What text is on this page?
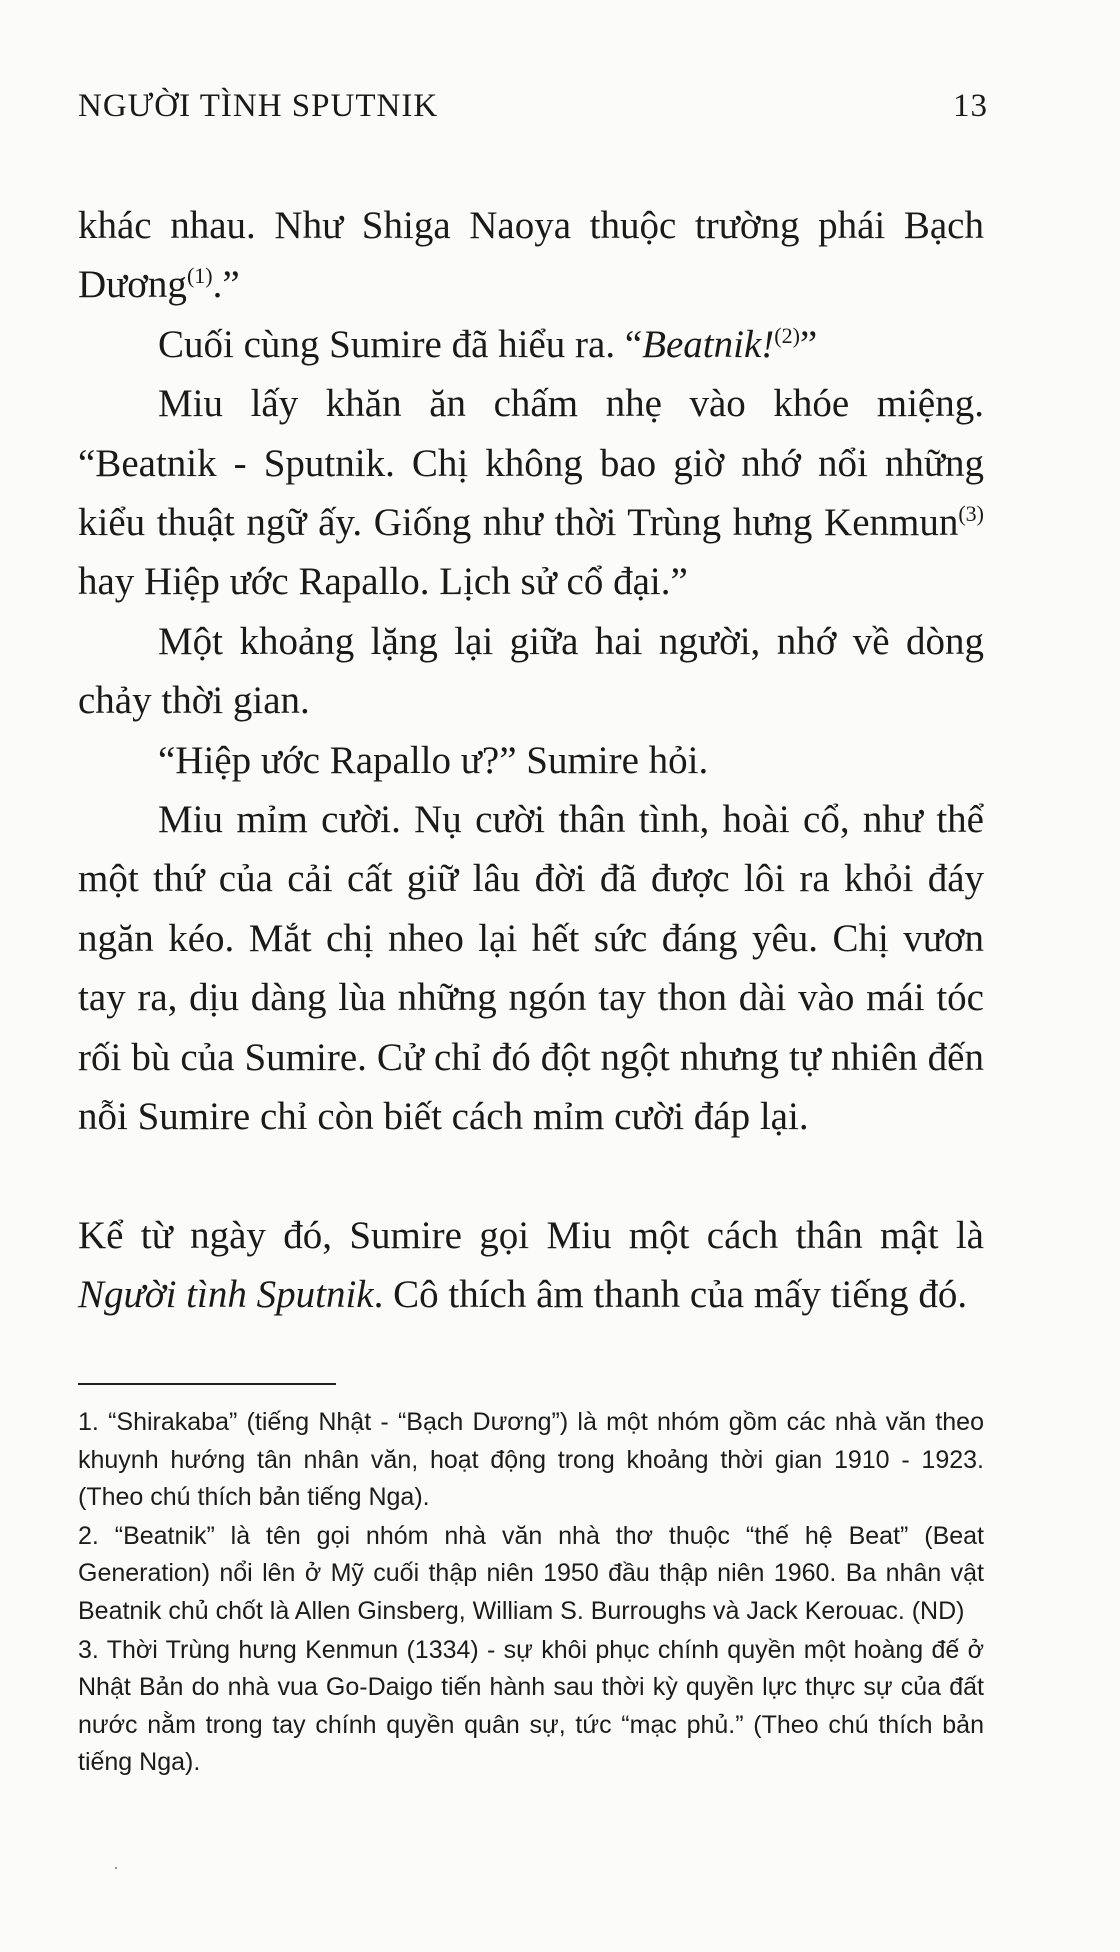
NGƯỜI TÌNH SPUTNIK	13

khác nhau. Như Shiga Naoya thuộc trường phái Bạch Dương$^{(1)}$.”

Cuối cùng Sumire đã hiểu ra. “Beatnik!$^{(2)}$”

Miu lấy khăn ăn chấm nhẹ vào khóe miệng. “Beatnik - Sputnik. Chị không bao giờ nhớ nổi những kiểu thuật ngữ ấy. Giống như thời Trùng hưng Kenmun$^{(3)}$ hay Hiệp ước Rapallo. Lịch sử cổ đại.”

Một khoảng lặng lại giữa hai người, nhớ về dòng chảy thời gian.

“Hiệp ước Rapallo ư?” Sumire hỏi.

Miu mỉm cười. Nụ cười thân tình, hoài cổ, như thể một thứ của cải cất giữ lâu đời đã được lôi ra khỏi đáy ngăn kéo. Mắt chị nheo lại hết sức đáng yêu. Chị vươn tay ra, dịu dàng lùa những ngón tay thon dài vào mái tóc rối bù của Sumire. Cử chỉ đó đột ngột nhưng tự nhiên đến nỗi Sumire chỉ còn biết cách mỉm cười đáp lại.

Kể từ ngày đó, Sumire gọi Miu một cách thân mật là Người tình Sputnik. Cô thích âm thanh của mấy tiếng đó.

1. “Shirakaba” (tiếng Nhật - “Bạch Dương”) là một nhóm gồm các nhà văn theo khuynh hướng tân nhân văn, hoạt động trong khoảng thời gian 1910 - 1923. (Theo chú thích bản tiếng Nga).

2. “Beatnik” là tên gọi nhóm nhà văn nhà thơ thuộc “thế hệ Beat” (Beat Generation) nổi lên ở Mỹ cuối thập niên 1950 đầu thập niên 1960. Ba nhân vật Beatnik chủ chốt là Allen Ginsberg, William S. Burroughs và Jack Kerouac. (ND)

3. Thời Trùng hưng Kenmun (1334) - sự khôi phục chính quyền một hoàng đế ở Nhật Bản do nhà vua Go-Daigo tiến hành sau thời kỳ quyền lực thực sự của đất nước nằm trong tay chính quyền quân sự, tức “mạc phủ.” (Theo chú thích bản tiếng Nga).
